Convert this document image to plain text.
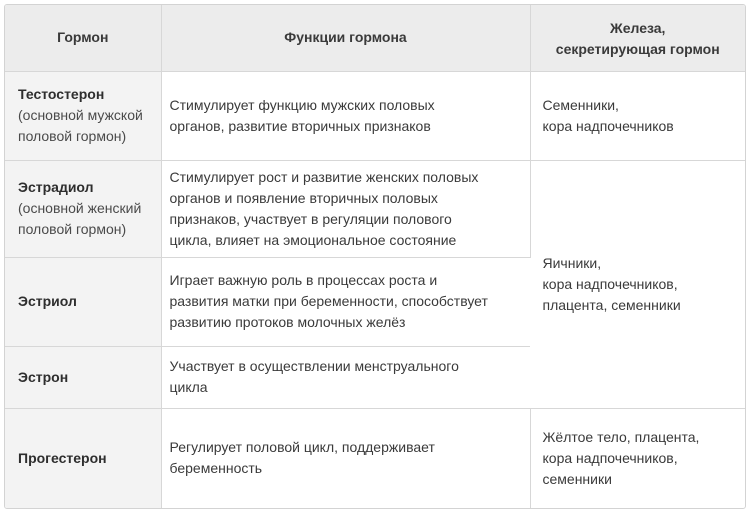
Гормон	Функции гормона	Железа,
секретирующая гормон

Тестостерон
(основной мужской
половой гормон)	Стимулирует функцию мужских половых
органов, развитие вторичных признаков	Семенники,
кора надпочечников

Эстрадиол
(основной женский
половой гормон)	Стимулирует рост и развитие женских половых
органов и появление вторичных половых
признаков, участвует в регуляции полового
цикла, влияет на эмоциональное состояние	Яичники,
кора надпочечников,
плацента, семенники

Эстриол	Играет важную роль в процессах роста и
развития матки при беременности, способствует
развитию протоков молочных желёз	

Эстрон	Участвует в осуществлении менструального
цикла	

Прогестерон	Регулирует половой цикл, поддерживает
беременность	Жёлтое тело, плацента,
кора надпочечников,
семенники
